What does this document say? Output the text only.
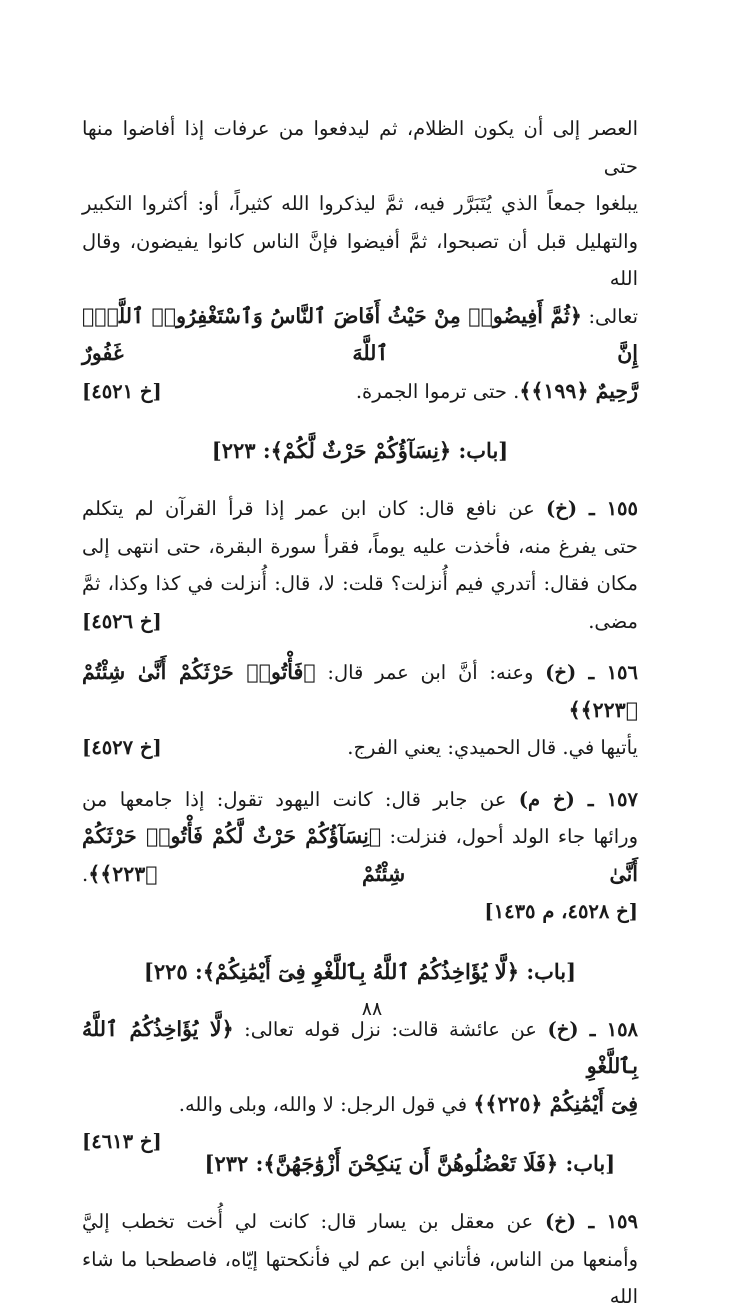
العصر إلى أن يكون الظلام، ثم ليدفعوا من عرفات إذا أفاضوا منها حتى
يبلغوا جمعاً الذي يُتَبَرَّر فيه، ثمَّ ليذكروا الله كثيراً، أو: أكثروا التكبير
والتهليل قبل أن تصبحوا، ثمَّ أفيضوا فإنَّ الناس كانوا يفيضون، وقال الله
تعالى: ﴿ثُمَّ أَفِيضُوا۟ مِنْ حَيْثُ أَفَاضَ ٱلنَّاسُ وَٱسْتَغْفِرُوا۟ ٱللَّهَۚ إِنَّ ٱللَّهَ غَفُورٌ
رَّحِيمٌ ﴿١٩٩﴾﴾. حتى ترموا الجمرة.
[خ ٤٥٢١]

[باب: ﴿نِسَآؤُكُمْ حَرْثٌ لَّكُمْ﴾: ٢٢٣]

١٥٥ ـ (خ) عن نافع قال: كان ابن عمر إذا قرأ القرآن لم يتكلم
حتى يفرغ منه، فأخذت عليه يوماً، فقرأ سورة البقرة، حتى انتهى إلى
مكان فقال: أتدري فيم أُنزلت؟ قلت: لا، قال: أُنزلت في كذا وكذا، ثمَّ
مضى.
[خ ٤٥٢٦]

١٥٦ ـ (خ) وعنه: أنَّ ابن عمر قال: ﴿فَأْتُوا۟ حَرْثَكُمْ أَنَّىٰ شِئْتُمْ ﴿٢٢٣﴾﴾
يأتيها في. قال الحميدي: يعني الفرج.
[خ ٤٥٢٧]

١٥٧ ـ (خ م) عن جابر قال: كانت اليهود تقول: إذا جامعها من
ورائها جاء الولد أحول، فنزلت: ﴿نِسَآؤُكُمْ حَرْثٌ لَّكُمْ فَأْتُوا۟ حَرْثَكُمْ أَنَّىٰ شِئْتُمْ ﴿٢٢٣﴾﴾.
[خ ٤٥٢٨، م ١٤٣٥]

[باب: ﴿لَّا يُؤَاخِذُكُمُ ٱللَّهُ بِٱللَّغْوِ فِىٓ أَيْمَٰنِكُمْ﴾: ٢٢٥]

١٥٨ ـ (خ) عن عائشة قالت: نزل قوله تعالى: ﴿لَّا يُؤَاخِذُكُمُ ٱللَّهُ بِٱللَّغْوِ
فِىٓ أَيْمَٰنِكُمْ ﴿٢٢٥﴾﴾ في قول الرجل: لا والله، وبلى والله.
[خ ٤٦١٣]

[باب: ﴿فَلَا تَعْضُلُوهُنَّ أَن يَنكِحْنَ أَزْوَٰجَهُنَّ﴾: ٢٣٢]

١٥٩ ـ (خ) عن معقل بن يسار قال: كانت لي أُخت تخطب إليَّ
وأمنعها من الناس، فأتاني ابن عم لي فأنكحتها إيّاه، فاصطحبا ما شاء الله

٨٨
